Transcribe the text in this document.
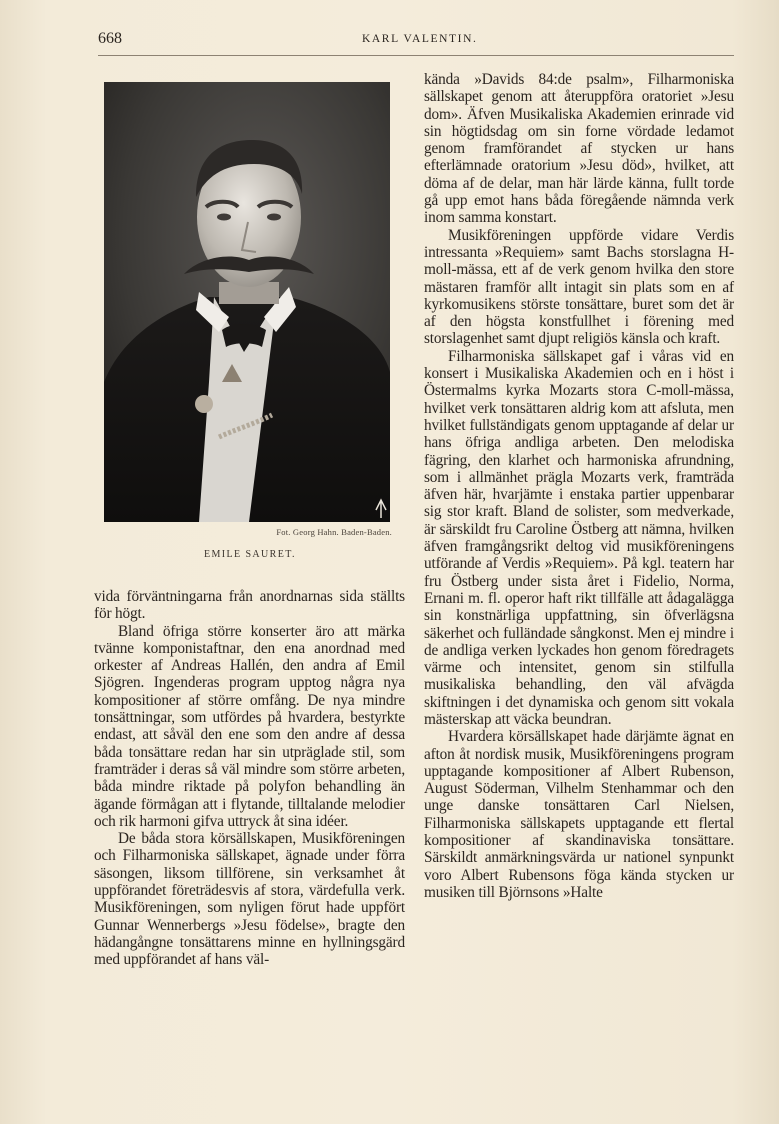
668	KARL VALENTIN.
Fot. Georg Hahn. Baden-Baden.
EMILE SAURET.

vida förväntningarna från anordnarnas sida ställts för högt.

Bland öfriga större konserter äro att märka tvänne komponistaftnar, den ena anordnad med orkester af Andreas Hallén, den andra af Emil Sjögren. Ingenderas program upptog några nya kompositioner af större omfång. De nya mindre tonsättningar, som utfördes på hvardera, bestyrkte endast, att såväl den ene som den andre af dessa båda tonsättare redan har sin utpräglade stil, som framträder i deras så väl mindre som större arbeten, båda mindre riktade på polyfon behandling än ägande förmågan att i flytande, tilltalande melodier och rik harmoni gifva uttryck åt sina idéer.

De båda stora körsällskapen, Musikföreningen och Filharmoniska sällskapet, ägnade under förra säsongen, liksom tillförene, sin verksamhet åt uppförandet företrädesvis af stora, värdefulla verk. Musikföreningen, som nyligen förut hade uppfört Gunnar Wennerbergs »Jesu födelse», bragte den hädangångne tonsättarens minne en hyllningsgärd med uppförandet af hans väl-

kända »Davids 84:de psalm», Filharmoniska sällskapet genom att återuppföra oratoriet »Jesu dom». Äfven Musikaliska Akademien erinrade vid sin högtidsdag om sin forne vördade ledamot genom framförandet af stycken ur hans efterlämnade oratorium »Jesu död», hvilket, att döma af de delar, man här lärde känna, fullt torde gå upp emot hans båda föregående nämnda verk inom samma konstart.

Musikföreningen uppförde vidare Verdis intressanta »Requiem» samt Bachs storslagna H-moll-mässa, ett af de verk genom hvilka den store mästaren framför allt intagit sin plats som en af kyrkomusikens störste tonsättare, buret som det är af den högsta konstfullhet i förening med storslagenhet samt djupt religiös känsla och kraft.

Filharmoniska sällskapet gaf i våras vid en konsert i Musikaliska Akademien och en i höst i Östermalms kyrka Mozarts stora C-moll-mässa, hvilket verk tonsättaren aldrig kom att afsluta, men hvilket fullständigats genom upptagande af delar ur hans öfriga andliga arbeten. Den melodiska fägring, den klarhet och harmoniska afrundning, som i allmänhet prägla Mozarts verk, framträda äfven här, hvarjämte i enstaka partier uppenbarar sig stor kraft. Bland de solister, som medverkade, är särskildt fru Caroline Östberg att nämna, hvilken äfven framgångsrikt deltog vid musikföreningens utförande af Verdis »Requiem». På kgl. teatern har fru Östberg under sista året i Fidelio, Norma, Ernani m. fl. operor haft rikt tillfälle att ådagalägga sin konstnärliga uppfattning, sin öfverlägsna säkerhet och fulländade sångkonst. Men ej mindre i de andliga verken lyckades hon genom föredragets värme och intensitet, genom sin stilfulla musikaliska behandling, den väl afvägda skiftningen i det dynamiska och genom sitt vokala mästerskap att väcka beundran.

Hvardera körsällskapet hade därjämte ägnat en afton åt nordisk musik, Musikföreningens program upptagande kompositioner af Albert Rubenson, August Söderman, Vilhelm Stenhammar och den unge danske tonsättaren Carl Nielsen, Filharmoniska sällskapets upptagande ett flertal kompositioner af skandinaviska tonsättare. Särskildt anmärkningsvärda ur nationel synpunkt voro Albert Rubensons föga kända stycken ur musiken till Björnsons »Halte
